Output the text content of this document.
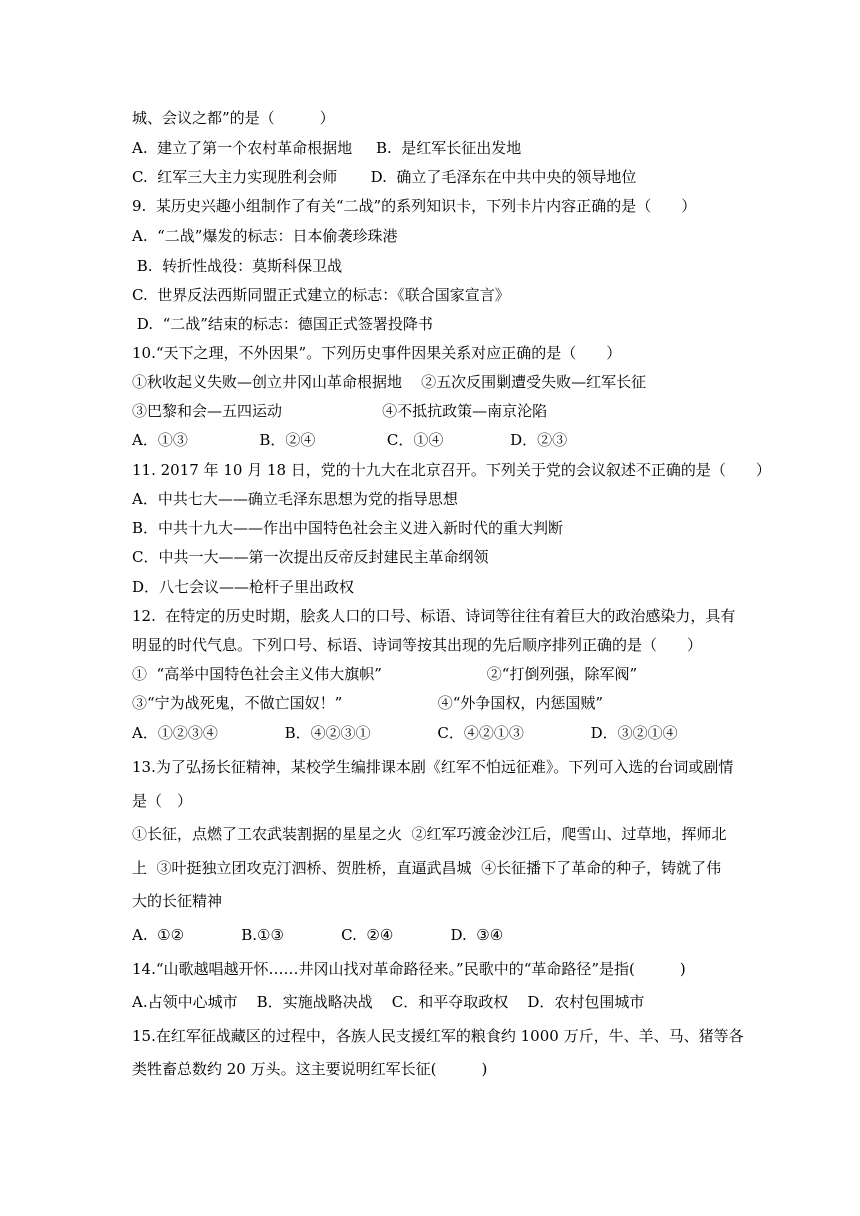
城、会议之都”的是（　　　）
A.  建立了第一个农村革命根据地     B.  是红军长征出发地
C.  红军三大主力实现胜利会师       D.  确立了毛泽东在中共中央的领导地位
9.  某历史兴趣小组制作了有关“二战”的系列知识卡，下列卡片内容正确的是（　　）
A.  “二战”爆发的标志：日本偷袭珍珠港
B.  转折性战役：莫斯科保卫战
C.  世界反法西斯同盟正式建立的标志：《联合国家宣言》
D.  “二战”结束的标志：德国正式签署投降书
10.“天下之理，不外因果”。下列历史事件因果关系对应正确的是（　　）
①秋收起义失败—创立井冈山革命根据地    ②五次反围剿遭受失败—红军长征
③巴黎和会—五四运动                     ④不抵抗政策—南京沦陷
A．①③               B．②④               C．①④              D．②③
11. 2017 年 10 月 18 日，党的十九大在北京召开。下列关于党的会议叙述不正确的是（　　）
A．中共七大——确立毛泽东思想为党的指导思想
B．中共十九大——作出中国特色社会主义进入新时代的重大判断
C．中共一大——第一次提出反帝反封建民主革命纲领
D．八七会议——枪杆子里出政权
12.  在特定的历史时期，脍炙人口的口号、标语、诗词等往往有着巨大的政治感染力，具有
明显的时代气息。下列口号、标语、诗词等按其出现的先后顺序排列正确的是（　　）
①  “高举中国特色社会主义伟大旗帜”                      ②“打倒列强，除军阀”
③“宁为战死鬼，不做亡国奴！”                    ④“外争国权，内惩国贼”
A．①②③④              B．④②③①              C．④②①③              D．③②①④
13.为了弘扬长征精神，某校学生编排课本剧《红军不怕远征难》。下列可入选的台词或剧情
是（　）
①长征，点燃了工农武装割据的星星之火  ②红军巧渡金沙江后，爬雪山、过草地，挥师北
上  ③叶挺独立团攻克汀泗桥、贺胜桥，直逼武昌城  ④长征播下了革命的种子，铸就了伟
大的长征精神
A.  ①②            B.①③            C.  ②④            D.  ③④
14.“山歌越唱越开怀……井冈山找对革命路径来。”民歌中的“革命路径”是指(　　　)
A.占领中心城市    B．实施战略决战    C．和平夺取政权    D．农村包围城市
15.在红军征战藏区的过程中，各族人民支援红军的粮食约 1000 万斤，牛、羊、马、猪等各
类牲畜总数约 20 万头。这主要说明红军长征(　　　)
